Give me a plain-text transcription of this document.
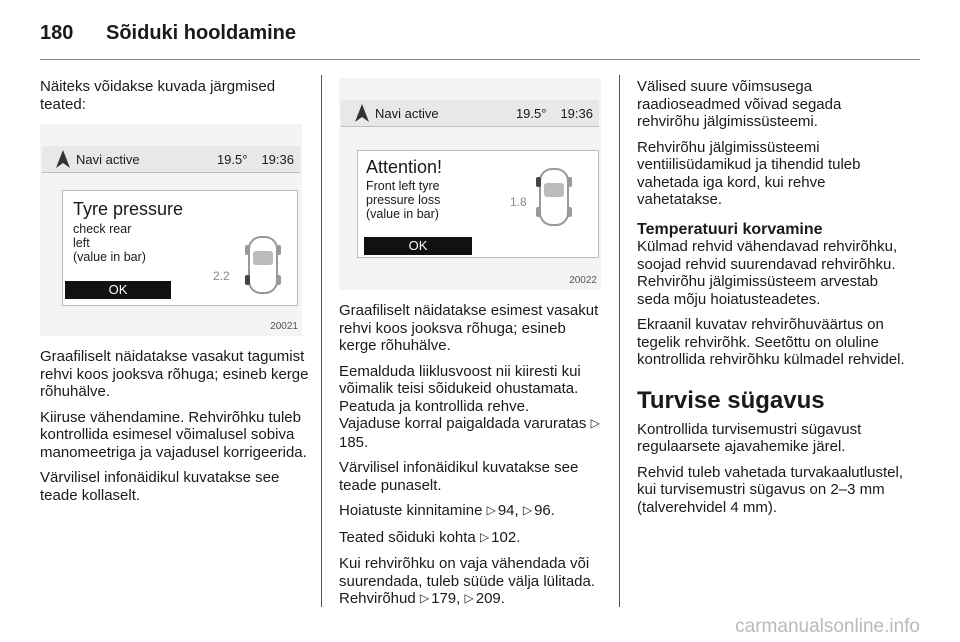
180	Sõiduki hooldamine

Näiteks võidakse kuvada järgmised teated:

Navi active	19.5° 19:36
Tyre pressure
check rear
left
(value in bar)
2.2
OK
20021

Graafiliselt näidatakse vasakut tagumist rehvi koos jooksva rõhuga; esineb kerge rõhuhälve.

Kiiruse vähendamine. Rehvirõhku tuleb kontrollida esimesel võimalusel sobiva manomeetriga ja vajadusel korrigeerida.

Värvilisel infonäidikul kuvatakse see teade kollaselt.

Navi active	19.5° 19:36
Attention!
Front left tyre
pressure loss
(value in bar)
1.8
OK
20022

Graafiliselt näidatakse esimest vasakut rehvi koos jooksva rõhuga; esineb kerge rõhuhälve.

Eemalduda liiklusvoost nii kiiresti kui võimalik teisi sõidukeid ohustamata. Peatuda ja kontrollida rehve.

Vajaduse korral paigaldada varuratas ▷185.

Värvilisel infonäidikul kuvatakse see teade punaselt.

Hoiatuste kinnitamine ▷ 94, ▷ 96.

Teated sõiduki kohta ▷ 102.

Kui rehvirõhku on vaja vähendada või suurendada, tuleb süüde välja lülitada. Rehvirõhud ▷ 179, ▷ 209.

Välised suure võimsusega raadioseadmed võivad segada rehvirõhu jälgimissüsteemi.

Rehvirõhu jälgimissüsteemi ventiilisüdamikud ja tihendid tuleb vahetada iga kord, kui rehve vahetatakse.

Temperatuuri korvamine

Külmad rehvid vähendavad rehvirõhku, soojad rehvid suurendavad rehvirõhku. Rehvirõhu jälgimissüsteem arvestab seda mõju hoiatusteadetes.

Ekraanil kuvatav rehvirõhuväärtus on tegelik rehvirõhk. Seetõttu on oluline kontrollida rehvirõhku külmadel rehvidel.

Turvise sügavus

Kontrollida turvisemustri sügavust regulaarsete ajavahemike järel.

Rehvid tuleb vahetada turvakaalutlustel, kui turvisemustri sügavus on 2–3 mm (talverehvidel 4 mm).

carmanualsonline.info
